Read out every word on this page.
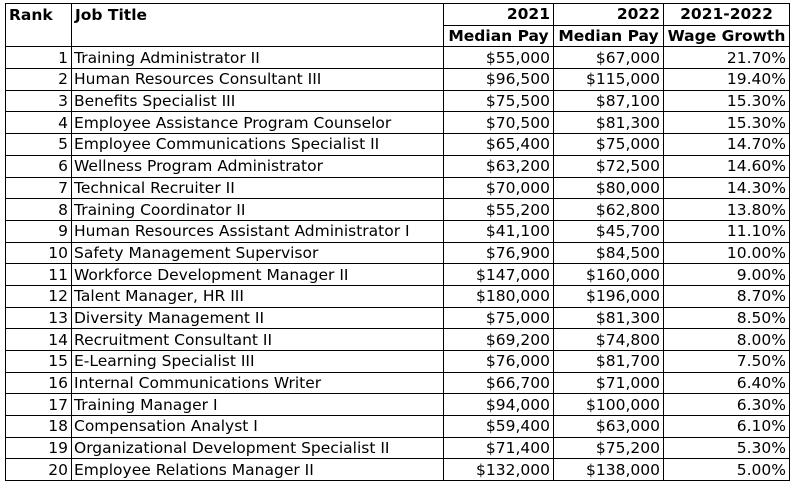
Rank	Job Title	2021	2022	2021-2022
		Median Pay	Median Pay	Wage Growth
1	Training Administrator II	$55,000	$67,000	21.70%
2	Human Resources Consultant III	$96,500	$115,000	19.40%
3	Benefits Specialist III	$75,500	$87,100	15.30%
4	Employee Assistance Program Counselor	$70,500	$81,300	15.30%
5	Employee Communications Specialist II	$65,400	$75,000	14.70%
6	Wellness Program Administrator	$63,200	$72,500	14.60%
7	Technical Recruiter II	$70,000	$80,000	14.30%
8	Training Coordinator II	$55,200	$62,800	13.80%
9	Human Resources Assistant Administrator I	$41,100	$45,700	11.10%
10	Safety Management Supervisor	$76,900	$84,500	10.00%
11	Workforce Development Manager II	$147,000	$160,000	9.00%
12	Talent Manager, HR III	$180,000	$196,000	8.70%
13	Diversity Management II	$75,000	$81,300	8.50%
14	Recruitment Consultant II	$69,200	$74,800	8.00%
15	E-Learning Specialist III	$76,000	$81,700	7.50%
16	Internal Communications Writer	$66,700	$71,000	6.40%
17	Training Manager I	$94,000	$100,000	6.30%
18	Compensation Analyst I	$59,400	$63,000	6.10%
19	Organizational Development Specialist II	$71,400	$75,200	5.30%
20	Employee Relations Manager II	$132,000	$138,000	5.00%
